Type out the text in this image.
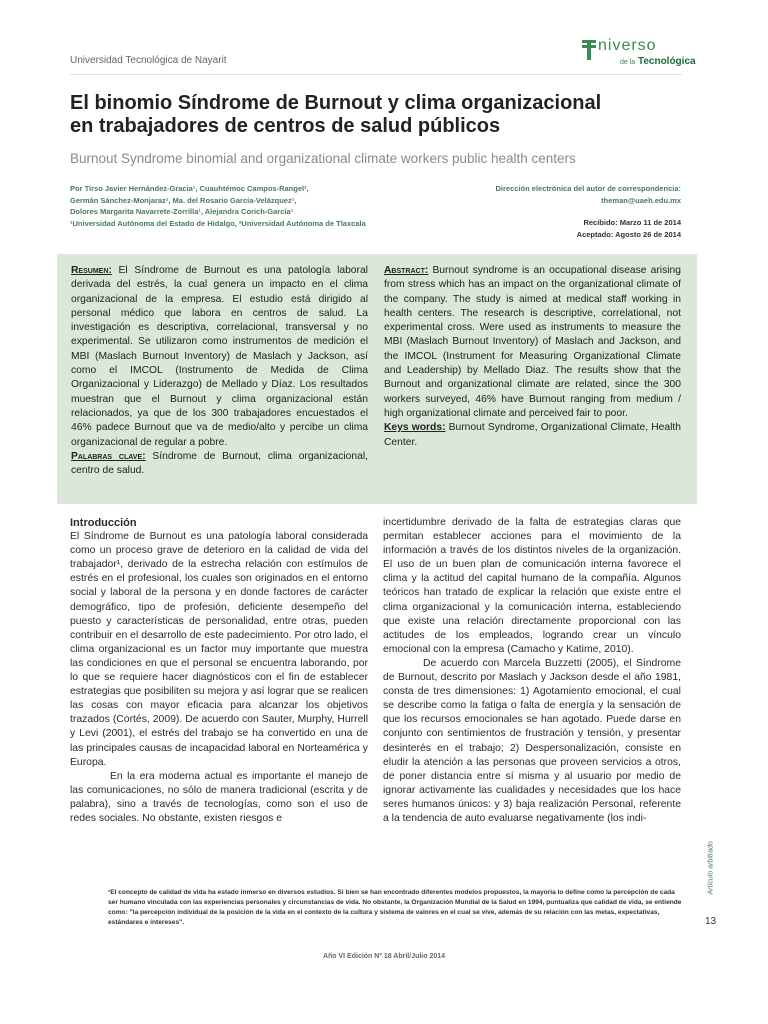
Universidad Tecnológica de Nayarit
niverso
de la Tecnológica
El binomio Síndrome de Burnout y clima organizacional
en trabajadores de centros de salud públicos
Burnout Syndrome binomial and organizational climate workers public health centers
Por Tirso Javier Hernández-Gracia¹, Cuauhtémoc Campos-Rangel²,
Germán Sánchez-Monjaraz¹, Ma. del Rosario García-Velázquez¹,
Dolores Margarita Navarrete-Zorrilla¹, Alejandra Corich-García¹
¹Universidad Autónoma del Estado de Hidalgo, ²Universidad Autónoma de Tlaxcala
Dirección electrónica del autor de correspondencia:
theman@uaeh.edu.mx
Recibido: Marzo 11 de 2014
Aceptado: Agosto 26 de 2014
Resumen: El Síndrome de Burnout es una patología laboral derivada del estrés, la cual genera un impacto en el clima organizacional de la empresa. El estudio está dirigido al personal médico que labora en centros de salud. La investigación es descriptiva, correlacional, transversal y no experimental. Se utilizaron como instrumentos de medición el MBI (Maslach Burnout Inventory) de Maslach y Jackson, así como el IMCOL (Instrumento de Medida de Clima Organizacional y Liderazgo) de Mellado y Díaz. Los resultados muestran que el Burnout y clima organizacional están relacionados, ya que de los 300 trabajadores encuestados el 46% padece Burnout que va de medio/alto y percibe un clima organizacional de regular a pobre.
Palabras clave: Síndrome de Burnout, clima organizacional, centro de salud.
Abstract: Burnout syndrome is an occupational disease arising from stress which has an impact on the organizational climate of the company. The study is aimed at medical staff working in health centers. The research is descriptive, correlational, not experimental cross. Were used as instruments to measure the MBI (Maslach Burnout Inventory) of Maslach and Jackson, and the IMCOL (Instrument for Measuring Organizational Climate and Leadership) by Mellado Diaz. The results show that the Burnout and organizational climate are related, since the 300 workers surveyed, 46% have Burnout ranging from medium / high organizational climate and perceived fair to poor.
Keys words: Burnout Syndrome, Organizational Climate, Health Center.
Introducción

El Síndrome de Burnout es una patología laboral considerada como un proceso grave de deterioro en la calidad de vida del trabajador¹, derivado de la estrecha relación con estímulos de estrés en el profesional, los cuales son originados en el entorno social y laboral de la persona y en donde factores de carácter demográfico, tipo de profesión, deficiente desempeño del puesto y características de personalidad, entre otras, pueden contribuir en el desarrollo de este padecimiento. Por otro lado, el clima organizacional es un factor muy importante que muestra las condiciones en que el personal se encuentra laborando, por lo que se requiere hacer diagnósticos con el fin de establecer estrategias que posibiliten su mejora y así lograr que se realicen las cosas con mayor eficacia para alcanzar los objetivos trazados (Cortés, 2009). De acuerdo con Sauter, Murphy, Hurrell y Levi (2001), el estrés del trabajo se ha convertido en una de las principales causas de incapacidad laboral en Norteamérica y Europa.

En la era moderna actual es importante el manejo de las comunicaciones, no sólo de manera tradicional (escrita y de palabra), sino a través de tecnologías, como son el uso de redes sociales. No obstante, existen riesgos e

incertidumbre derivado de la falta de estrategias claras que permitan establecer acciones para el movimiento de la información a través de los distintos niveles de la organización. El uso de un buen plan de comunicación interna favorece el clima y la actitud del capital humano de la compañía. Algunos teóricos han tratado de explicar la relación que existe entre el clima organizacional y la comunicación interna, estableciendo que existe una relación directamente proporcional con las actitudes de los empleados, logrando crear un vínculo emocional con la empresa (Camacho y Katime, 2010).

De acuerdo con Marcela Buzzetti (2005), el Síndrome de Burnout, descrito por Maslach y Jackson desde el año 1981, consta de tres dimensiones: 1) Agotamiento emocional, el cual se describe como la fatiga o falta de energía y la sensación de que los recursos emocionales se han agotado. Puede darse en conjunto con sentimientos de frustración y tensión, y presentar desinterés en el trabajo; 2) Despersonalización, consiste en eludir la atención a las personas que proveen servicios a otros, de poner distancia entre sí misma y al usuario por medio de ignorar activamente las cualidades y necesidades que los hace seres humanos únicos: y 3) baja realización Personal, referente a la tendencia de auto evaluarse negativamente (los indi-

¹El concepto de calidad de vida ha estado inmerso en diversos estudios. Si bien se han encontrado diferentes modelos propuestos, la mayoría lo define como la percepción de cada ser humano vinculada con las experiencias personales y circunstancias de vida. No obstante, la Organización Mundial de la Salud en 1994, puntualiza que calidad de vida, se entiende como: "la percepción individual de la posición de la vida en el contexto de la cultura y sistema de valores en el cual se vive, además de su relación con las metas, expectativas, estándares e intereses".
Artículo arbitrado
13
Año VI Edición Nº 18 Abril/Julio 2014
